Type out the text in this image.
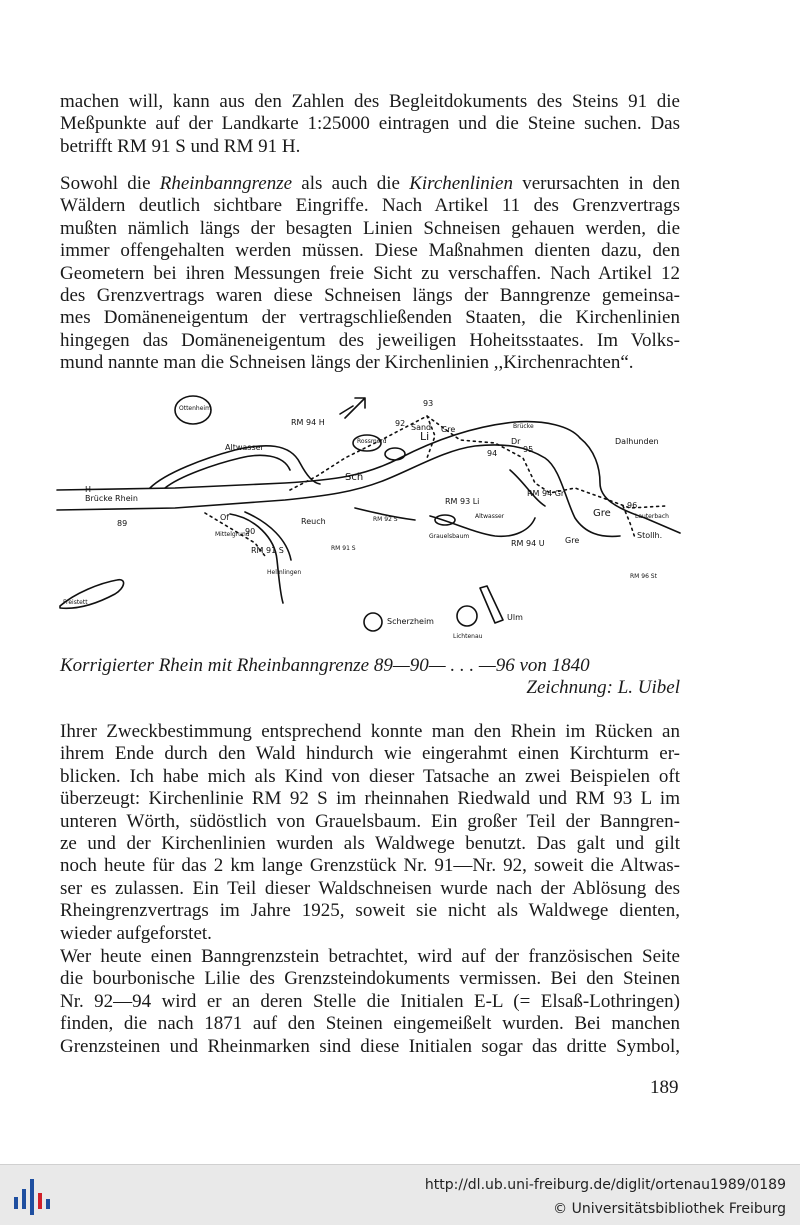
machen will, kann aus den Zahlen des Begleitdokuments des Steins 91 die
Meßpunkte auf der Landkarte 1:25000 eintragen und die Steine suchen. Das
betrifft RM 91 S und RM 91 H.
Sowohl die Rheinbanngrenze als auch die Kirchenlinien verursachten in den
Wäldern deutlich sichtbare Eingriffe. Nach Artikel 11 des Grenzvertrags
mußten nämlich längs der besagten Linien Schneisen gehauen werden, die
immer offengehalten werden müssen. Diese Maßnahmen dienten dazu, den
Geometern bei ihren Messungen freie Sicht zu verschaffen. Nach Artikel 12
des Grenzvertrags waren diese Schneisen längs der Banngrenze gemeinsa-
mes Domäneneigentum der vertragschließenden Staaten, die Kirchenlinien
hingegen das Domäneneigentum des jeweiligen Hoheitsstaates. Im Volks-
mund nannte man die Schneisen längs der Kirchenlinien ,,Kirchenrachten“.
Ottenheim
RM 94 H
Altwasser
93
92 Sand Gre
Li
Rossmörd
Brücke
Dr	Dalhunden
95
94
Sch
Brücke Rhein
H
89
RM 93 Li
RM 94 Gr
96
Gre	Lauterbach
Stollh.
Of
Mittelgrund
90
RM 92 S
Reuch
RM 91 S	RM 91 S
Grauelsbaum
Altwasser
RM 94 U	Gre
RM 96 St
Helmlingen
Freistett
Scherzheim
Lichtenau
Ulm
Korrigierter Rhein mit Rheinbanngrenze 89—90— . . . —96 von 1840
Zeichnung: L. Uibel
Ihrer Zweckbestimmung entsprechend konnte man den Rhein im Rücken an
ihrem Ende durch den Wald hindurch wie eingerahmt einen Kirchturm er-
blicken. Ich habe mich als Kind von dieser Tatsache an zwei Beispielen oft
überzeugt: Kirchenlinie RM 92 S im rheinnahen Riedwald und RM 93 L im
unteren Wörth, südöstlich von Grauelsbaum. Ein großer Teil der Banngren-
ze und der Kirchenlinien wurden als Waldwege benutzt. Das galt und gilt
noch heute für das 2 km lange Grenzstück Nr. 91—Nr. 92, soweit die Altwas-
ser es zulassen. Ein Teil dieser Waldschneisen wurde nach der Ablösung des
Rheingrenzvertrags im Jahre 1925, soweit sie nicht als Waldwege dienten,
wieder aufgeforstet.
Wer heute einen Banngrenzstein betrachtet, wird auf der französischen Seite
die bourbonische Lilie des Grenzsteindokuments vermissen. Bei den Steinen
Nr. 92—94 wird er an deren Stelle die Initialen E-L (= Elsaß-Lothringen)
finden, die nach 1871 auf den Steinen eingemeißelt wurden. Bei manchen
Grenzsteinen und Rheinmarken sind diese Initialen sogar das dritte Symbol,
189
http://dl.ub.uni-freiburg.de/diglit/ortenau1989/0189
© Universitätsbibliothek Freiburg
